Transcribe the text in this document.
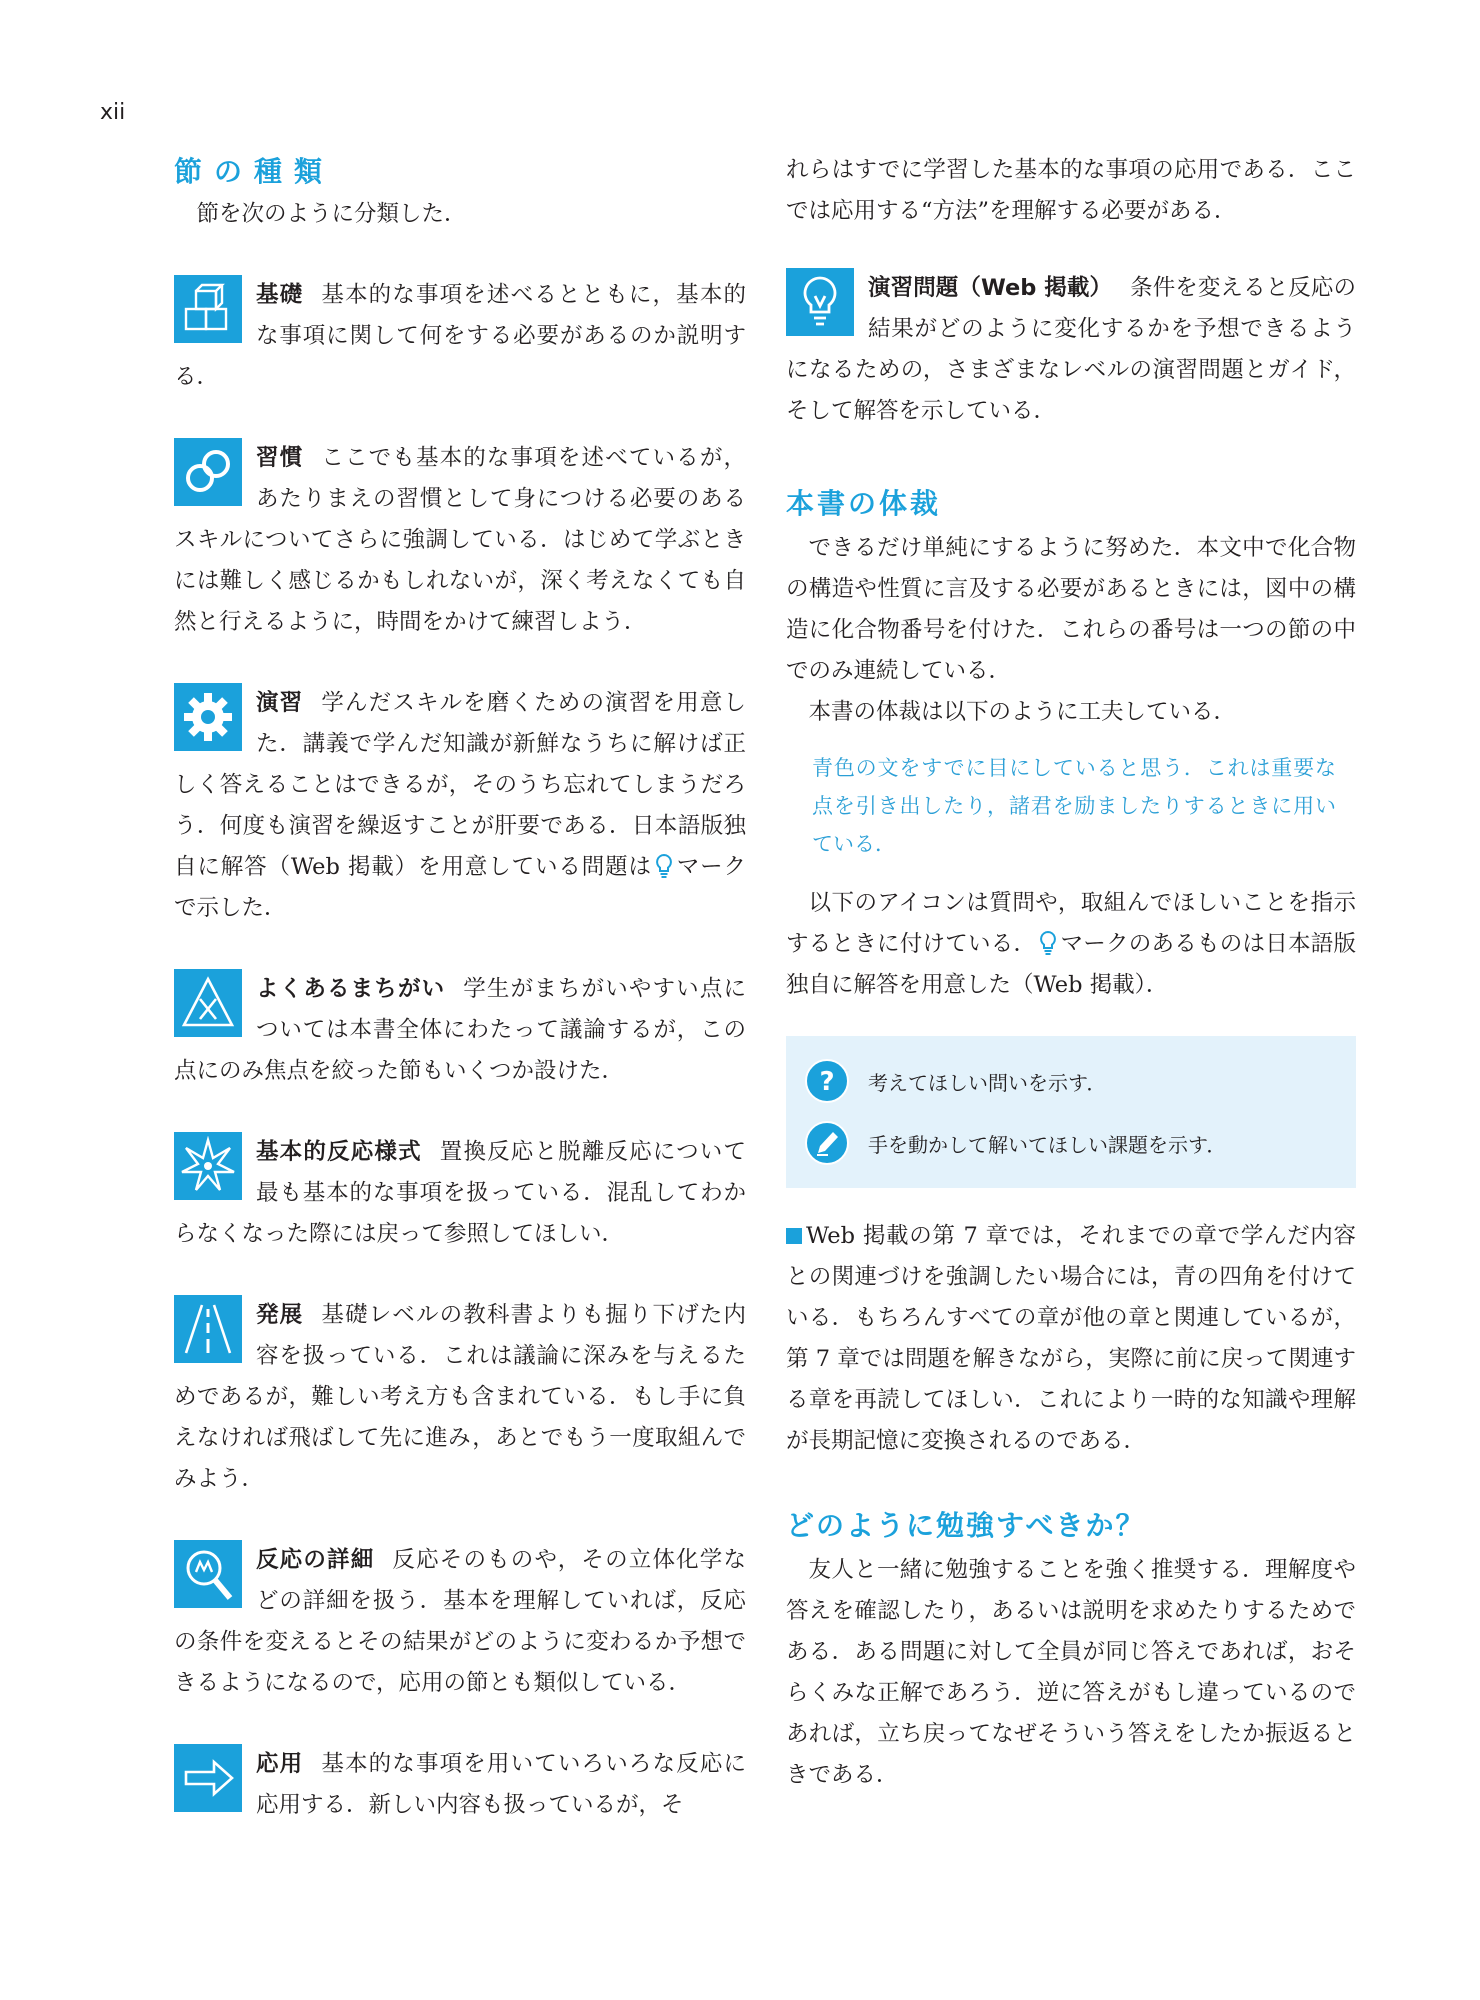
xii
節の種類

節を次のように分類した．

基礎 基本的な事項を述べるとともに，基本的な事項に関して何をする必要があるのか説明する．

習慣 ここでも基本的な事項を述べているが，あたりまえの習慣として身につける必要のあるスキルについてさらに強調している．はじめて学ぶときには難しく感じるかもしれないが，深く考えなくても自然と行えるように，時間をかけて練習しよう．

演習 学んだスキルを磨くための演習を用意した．講義で学んだ知識が新鮮なうちに解けば正しく答えることはできるが，そのうち忘れてしまうだろう．何度も演習を繰返すことが肝要である．日本語版独自に解答（Web 掲載）を用意している問題は マークで示した．

よくあるまちがい 学生がまちがいやすい点については本書全体にわたって議論するが，この点にのみ焦点を絞った節もいくつか設けた．

基本的反応様式 置換反応と脱離反応について最も基本的な事項を扱っている．混乱してわからなくなった際には戻って参照してほしい．

発展 基礎レベルの教科書よりも掘り下げた内容を扱っている．これは議論に深みを与えるためであるが，難しい考え方も含まれている．もし手に負えなければ飛ばして先に進み，あとでもう一度取組んでみよう．

反応の詳細 反応そのものや，その立体化学などの詳細を扱う．基本を理解していれば，反応の条件を変えるとその結果がどのように変わるか予想できるようになるので，応用の節とも類似している．

応用 基本的な事項を用いていろいろな反応に応用する．新しい内容も扱っているが，そ

れらはすでに学習した基本的な事項の応用である．ここでは応用する“方法”を理解する必要がある．

演習問題（Web 掲載） 条件を変えると反応の結果がどのように変化するかを予想できるようになるための，さまざまなレベルの演習問題とガイド，そして解答を示している．

本書の体裁

できるだけ単純にするように努めた．本文中で化合物の構造や性質に言及する必要があるときには，図中の構造に化合物番号を付けた．これらの番号は一つの節の中でのみ連続している．

本書の体裁は以下のように工夫している．

青色の文をすでに目にしていると思う．これは重要な点を引き出したり，諸君を励ましたりするときに用いている．

以下のアイコンは質問や，取組んでほしいことを指示するときに付けている． マークのあるものは日本語版独自に解答を用意した（Web 掲載）．

? 考えてほしい問いを示す．
手を動かして解いてほしい課題を示す．

Web 掲載の第 7 章では，それまでの章で学んだ内容との関連づけを強調したい場合には，青の四角を付けている．もちろんすべての章が他の章と関連しているが，第 7 章では問題を解きながら，実際に前に戻って関連する章を再読してほしい．これにより一時的な知識や理解が長期記憶に変換されるのである．

どのように勉強すべきか？

友人と一緒に勉強することを強く推奨する．理解度や答えを確認したり，あるいは説明を求めたりするためである．ある問題に対して全員が同じ答えであれば，おそらくみな正解であろう．逆に答えがもし違っているのであれば，立ち戻ってなぜそういう答えをしたか振返るときである．
